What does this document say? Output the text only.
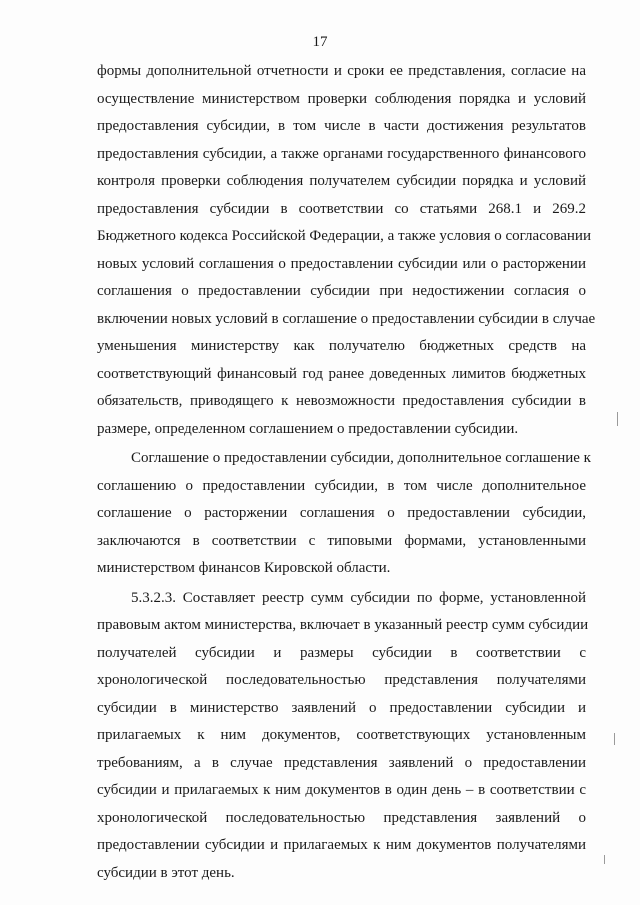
17
формы дополнительной отчетности и сроки ее представления, согласие на
осуществление министерством проверки соблюдения порядка и условий
предоставления субсидии, в том числе в части достижения результатов
предоставления субсидии, а также органами государственного финансового
контроля проверки соблюдения получателем субсидии порядка и условий
предоставления субсидии в соответствии со статьями 268.1 и 269.2
Бюджетного кодекса Российской Федерации, а также условия о согласовании
новых условий соглашения о предоставлении субсидии или о расторжении
соглашения о предоставлении субсидии при недостижении согласия о
включении новых условий в соглашение о предоставлении субсидии в случае
уменьшения министерству как получателю бюджетных средств на
соответствующий финансовый год ранее доведенных лимитов бюджетных
обязательств, приводящего к невозможности предоставления субсидии в
размере, определенном соглашением о предоставлении субсидии.
Соглашение о предоставлении субсидии, дополнительное соглашение к
соглашению о предоставлении субсидии, в том числе дополнительное
соглашение о расторжении соглашения о предоставлении субсидии,
заключаются в соответствии с типовыми формами, установленными
министерством финансов Кировской области.
5.3.2.3. Составляет реестр сумм субсидии по форме, установленной
правовым актом министерства, включает в указанный реестр сумм субсидии
получателей субсидии и размеры субсидии в соответствии с
хронологической последовательностью представления получателями
субсидии в министерство заявлений о предоставлении субсидии и
прилагаемых к ним документов, соответствующих установленным
требованиям, а в случае представления заявлений о предоставлении
субсидии и прилагаемых к ним документов в один день – в соответствии с
хронологической последовательностью представления заявлений о
предоставлении субсидии и прилагаемых к ним документов получателями
субсидии в этот день.
